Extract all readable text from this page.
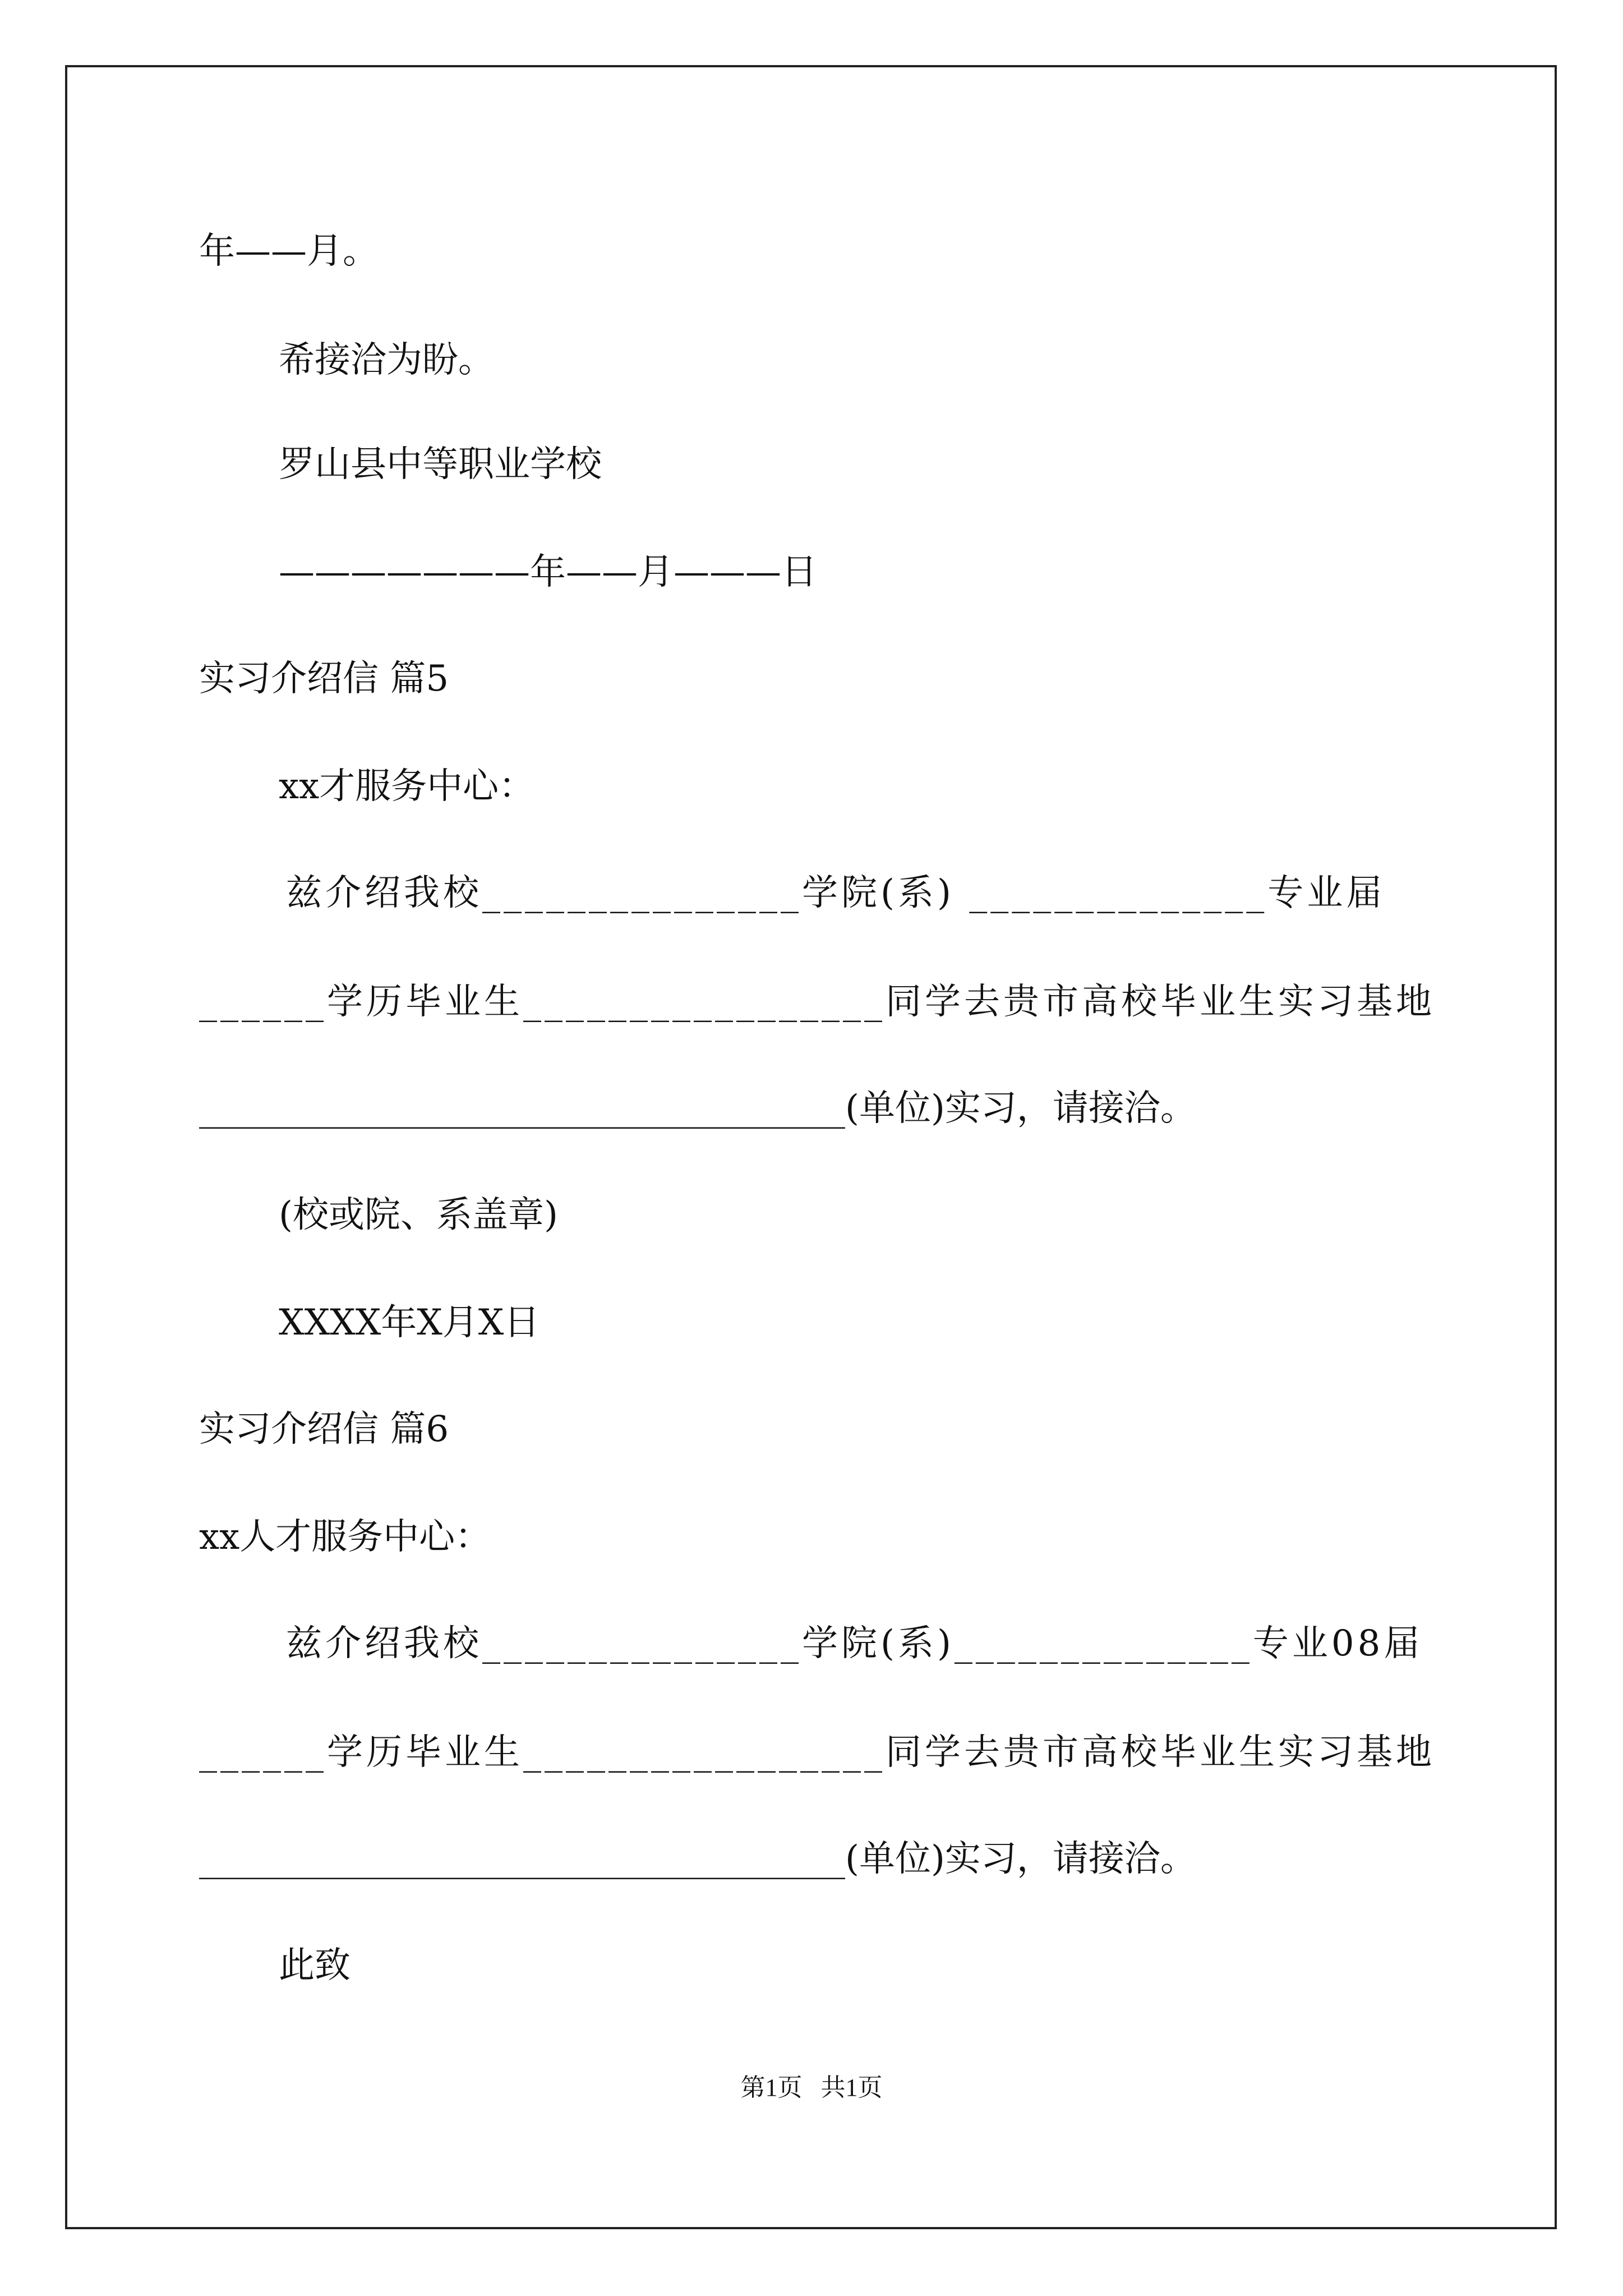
年——月。
希接洽为盼。
罗山县中等职业学校
———————年——月———日
实习介绍信 篇5
xx才服务中心：
兹介绍我校_______________学院(系) ______________专业届
______学历毕业生_________________同学去贵市高校毕业生实习基地
____________________________________(单位)实习，请接洽。
(校或院、系盖章)
XXXX年X月X日
实习介绍信 篇6
xx人才服务中心：
兹介绍我校_______________学院(系)______________专业08届
______学历毕业生_________________同学去贵市高校毕业生实习基地
____________________________________(单位)实习，请接洽。
此致
第1页   共1页
